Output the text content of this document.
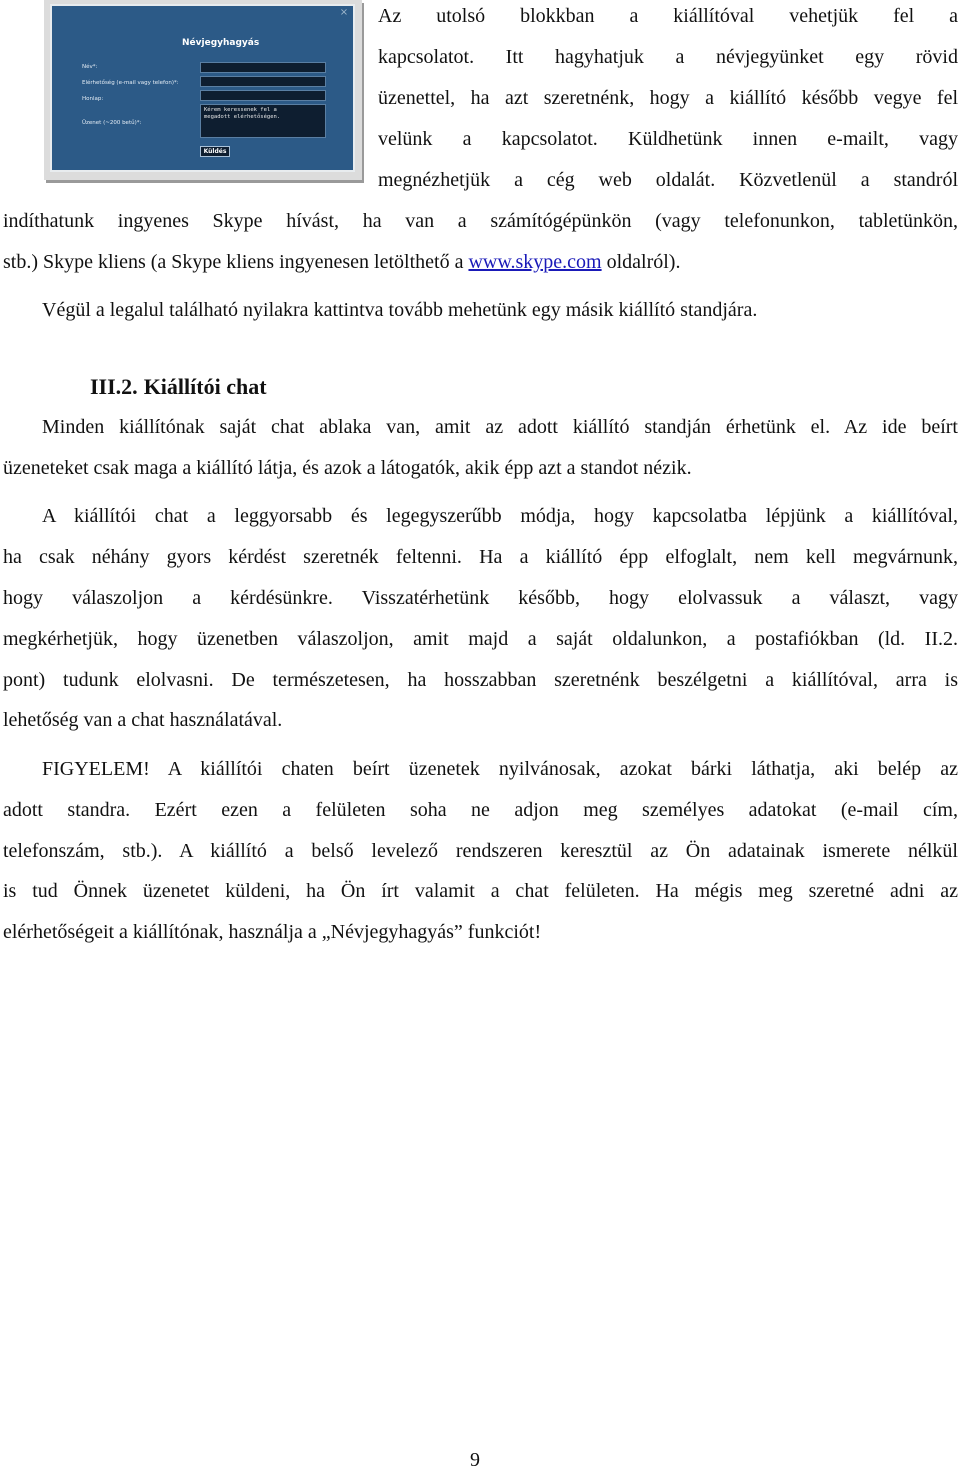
×
Névjegyhagyás
Név*:
Elérhetőség (e-mail vagy telefon)*:
Honlap:
Üzenet (~200 betű)*:
Kérem keressenek fel a
megadott elérhetőségen.
Küldés
Az utolsó blokkban a kiállítóval vehetjük fel a
kapcsolatot. Itt hagyhatjuk a névjegyünket egy rövid
üzenettel, ha azt szeretnénk, hogy a kiállító később vegye fel
velünk a kapcsolatot. Küldhetünk innen e-mailt, vagy
megnézhetjük a cég web oldalát. Közvetlenül a standról
indíthatunk ingyenes Skype hívást, ha van a számítógépünkön (vagy telefonunkon, tabletünkön,
stb.) Skype kliens (a Skype kliens ingyenesen letölthető a www.skype.com oldalról).
Végül a legalul található nyilakra kattintva tovább mehetünk egy másik kiállító standjára.
III.2. Kiállítói chat
Minden kiállítónak saját chat ablaka van, amit az adott kiállító standján érhetünk el. Az ide beírt
üzeneteket csak maga a kiállító látja, és azok a látogatók, akik épp azt a standot nézik.
A kiállítói chat a leggyorsabb és legegyszerűbb módja, hogy kapcsolatba lépjünk a kiállítóval,
ha csak néhány gyors kérdést szeretnék feltenni. Ha a kiállító épp elfoglalt, nem kell megvárnunk,
hogy válaszoljon a kérdésünkre. Visszatérhetünk később, hogy elolvassuk a választ, vagy
megkérhetjük, hogy üzenetben válaszoljon, amit majd a saját oldalunkon, a postafiókban (ld. II.2.
pont) tudunk elolvasni. De természetesen, ha hosszabban szeretnénk beszélgetni a kiállítóval, arra is
lehetőség van a chat használatával.
FIGYELEM! A kiállítói chaten beírt üzenetek nyilvánosak, azokat bárki láthatja, aki belép az
adott standra. Ezért ezen a felületen soha ne adjon meg személyes adatokat (e-mail cím,
telefonszám, stb.). A kiállító a belső levelező rendszeren keresztül az Ön adatainak ismerete nélkül
is tud Önnek üzenetet küldeni, ha Ön írt valamit a chat felületen. Ha mégis meg szeretné adni az
elérhetőségeit a kiállítónak, használja a „Névjegyhagyás” funkciót!
9
